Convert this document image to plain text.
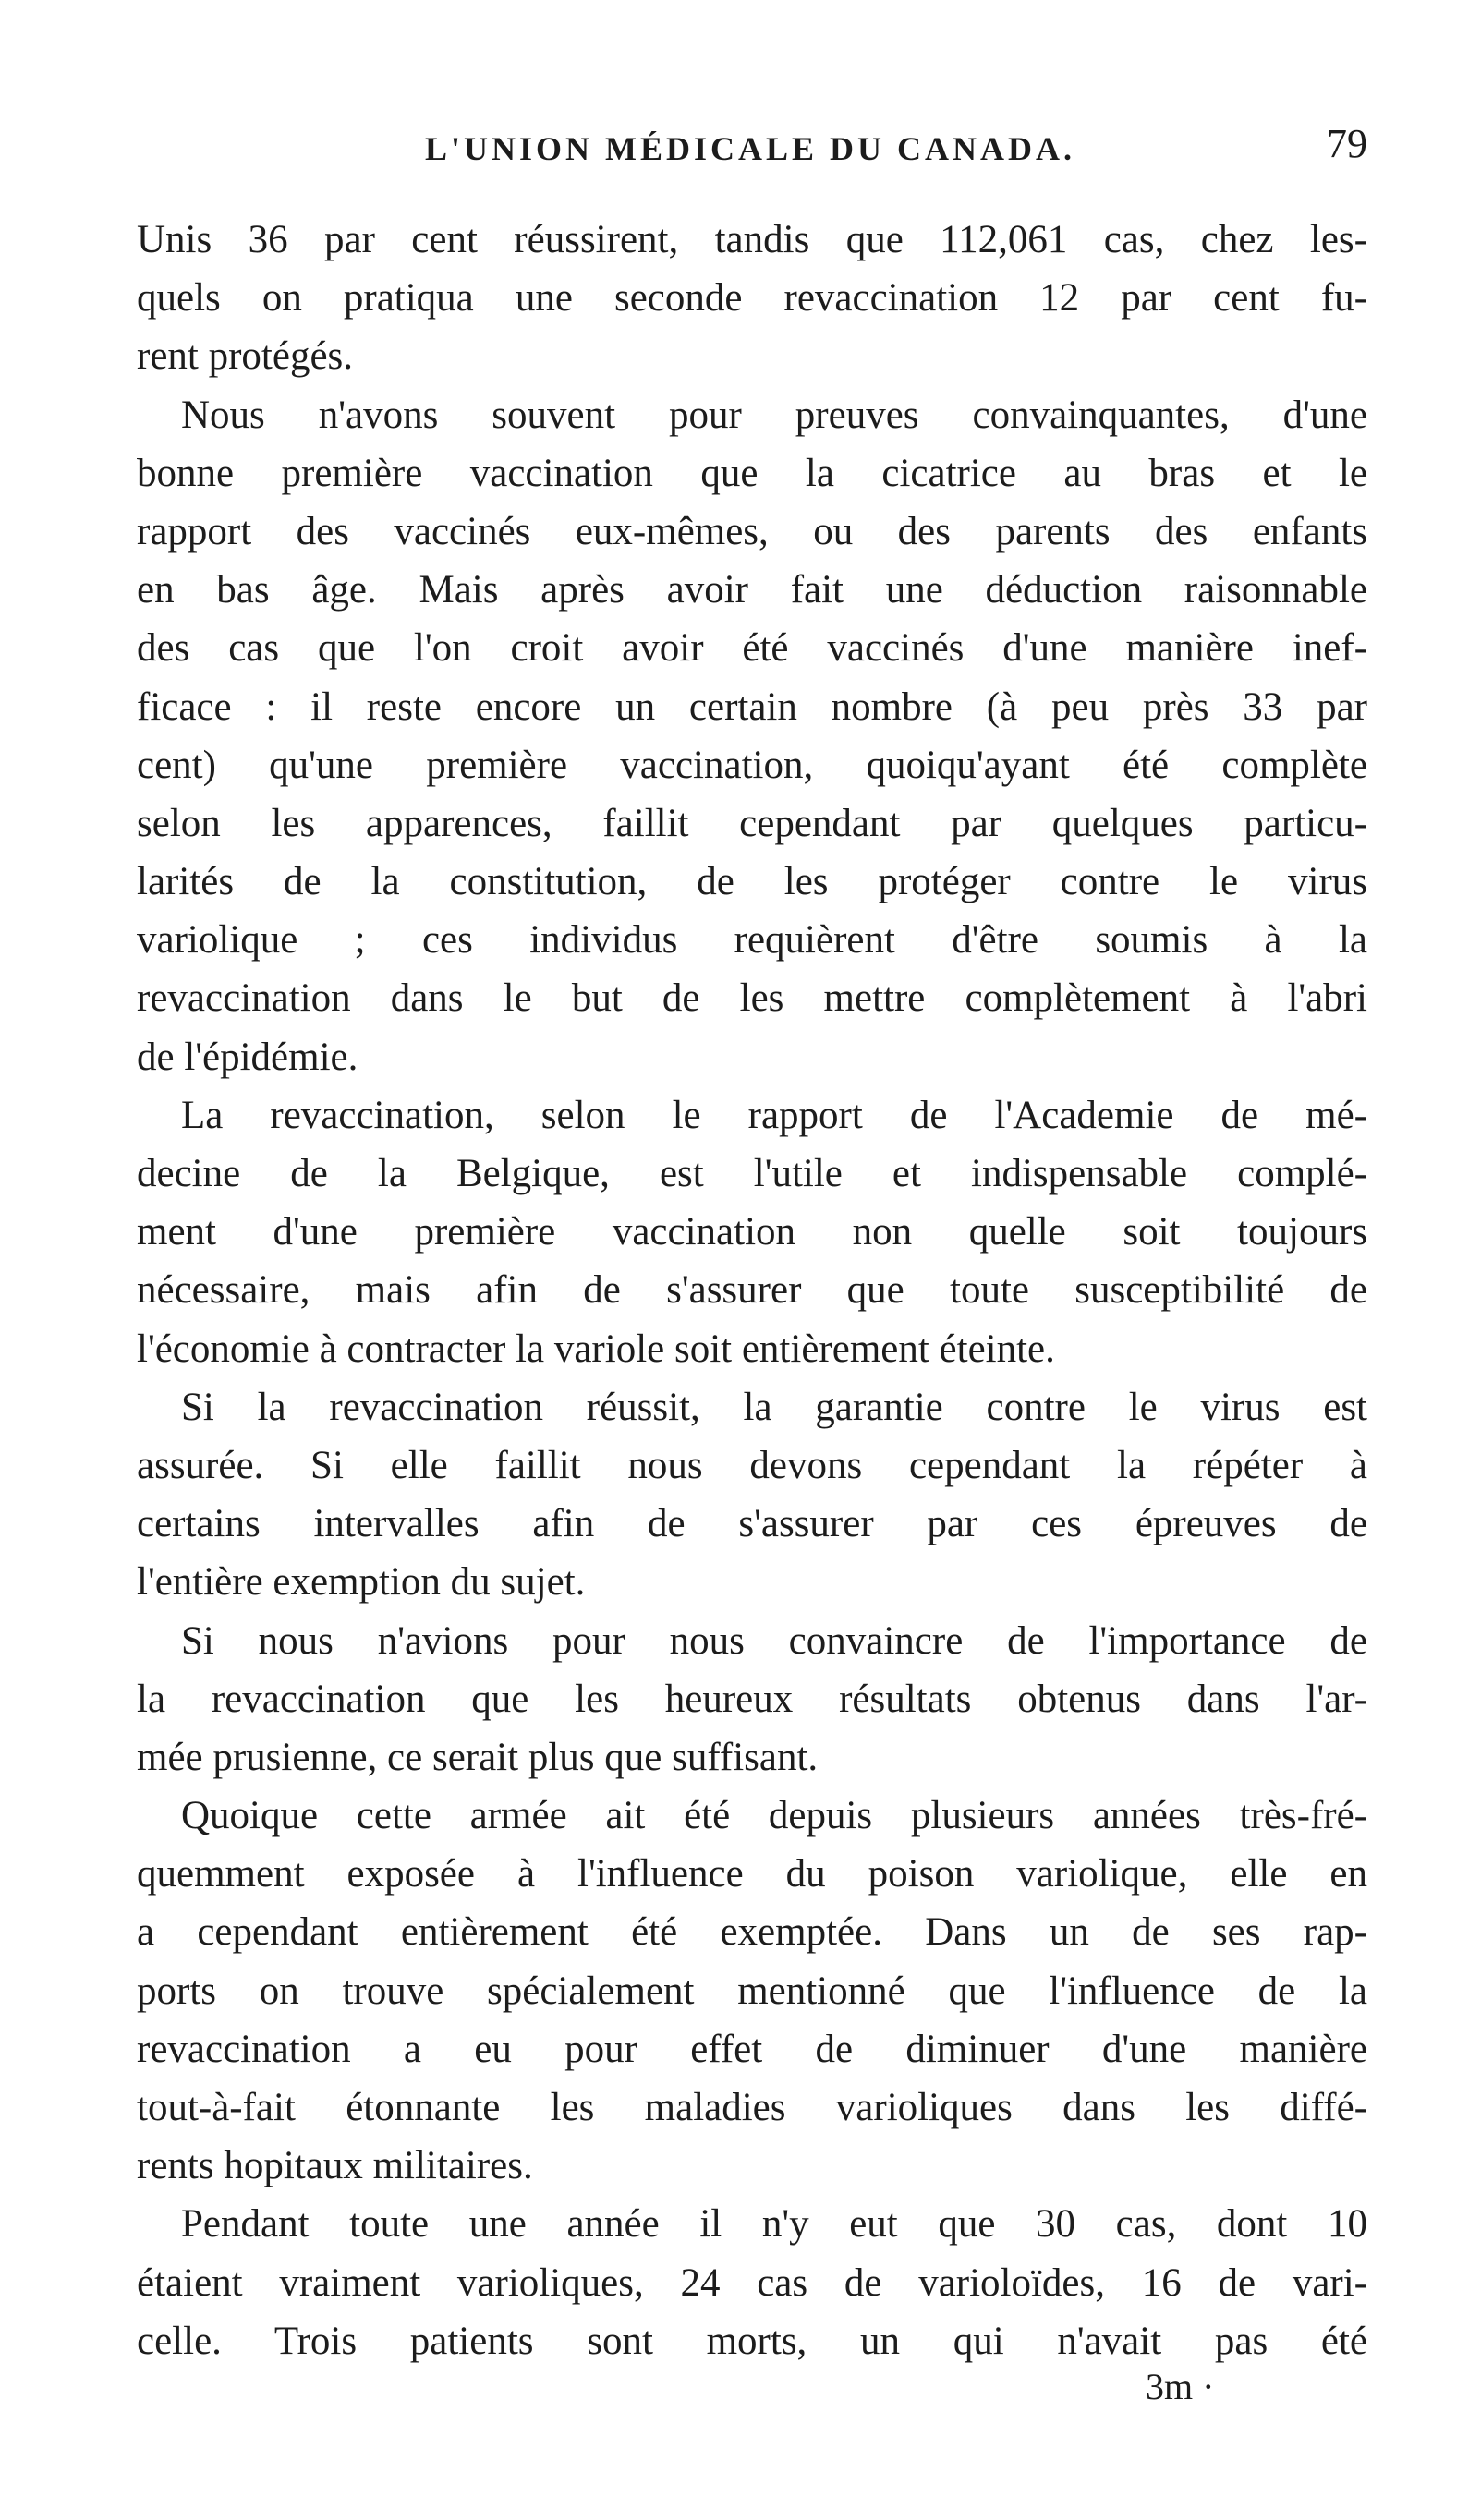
L'UNION MÉDICALE DU CANADA.	79
Unis 36 par cent réussirent, tandis que 112,061 cas, chez les-
quels on pratiqua une seconde revaccination 12 par cent fu-
rent protégés.
Nous n'avons souvent pour preuves convainquantes, d'une
bonne première vaccination que la cicatrice au bras et le
rapport des vaccinés eux-mêmes, ou des parents des enfants
en bas âge. Mais après avoir fait une déduction raisonnable
des cas que l'on croit avoir été vaccinés d'une manière inef-
ficace : il reste encore un certain nombre (à peu près 33 par
cent) qu'une première vaccination, quoiqu'ayant été complète
selon les apparences, faillit cependant par quelques particu-
larités de la constitution, de les protéger contre le virus
variolique ; ces individus requièrent d'être soumis à la
revaccination dans le but de les mettre complètement à l'abri
de l'épidémie.
La revaccination, selon le rapport de l'Academie de mé-
decine de la Belgique, est l'utile et indispensable complé-
ment d'une première vaccination non quelle soit toujours
nécessaire, mais afin de s'assurer que toute susceptibilité de
l'économie à contracter la variole soit entièrement éteinte.
Si la revaccination réussit, la garantie contre le virus est
assurée. Si elle faillit nous devons cependant la répéter à
certains intervalles afin de s'assurer par ces épreuves de
l'entière exemption du sujet.
Si nous n'avions pour nous convaincre de l'importance de
la revaccination que les heureux résultats obtenus dans l'ar-
mée prusienne, ce serait plus que suffisant.
Quoique cette armée ait été depuis plusieurs années très-fré-
quemment exposée à l'influence du poison variolique, elle en
a cependant entièrement été exemptée. Dans un de ses rap-
ports on trouve spécialement mentionné que l'influence de la
revaccination a eu pour effet de diminuer d'une manière
tout-à-fait étonnante les maladies varioliques dans les diffé-
rents hopitaux militaires.
Pendant toute une année il n'y eut que 30 cas, dont 10
étaient vraiment varioliques, 24 cas de varioloïdes, 16 de vari-
celle. Trois patients sont morts, un qui n'avait pas été
3m ·
